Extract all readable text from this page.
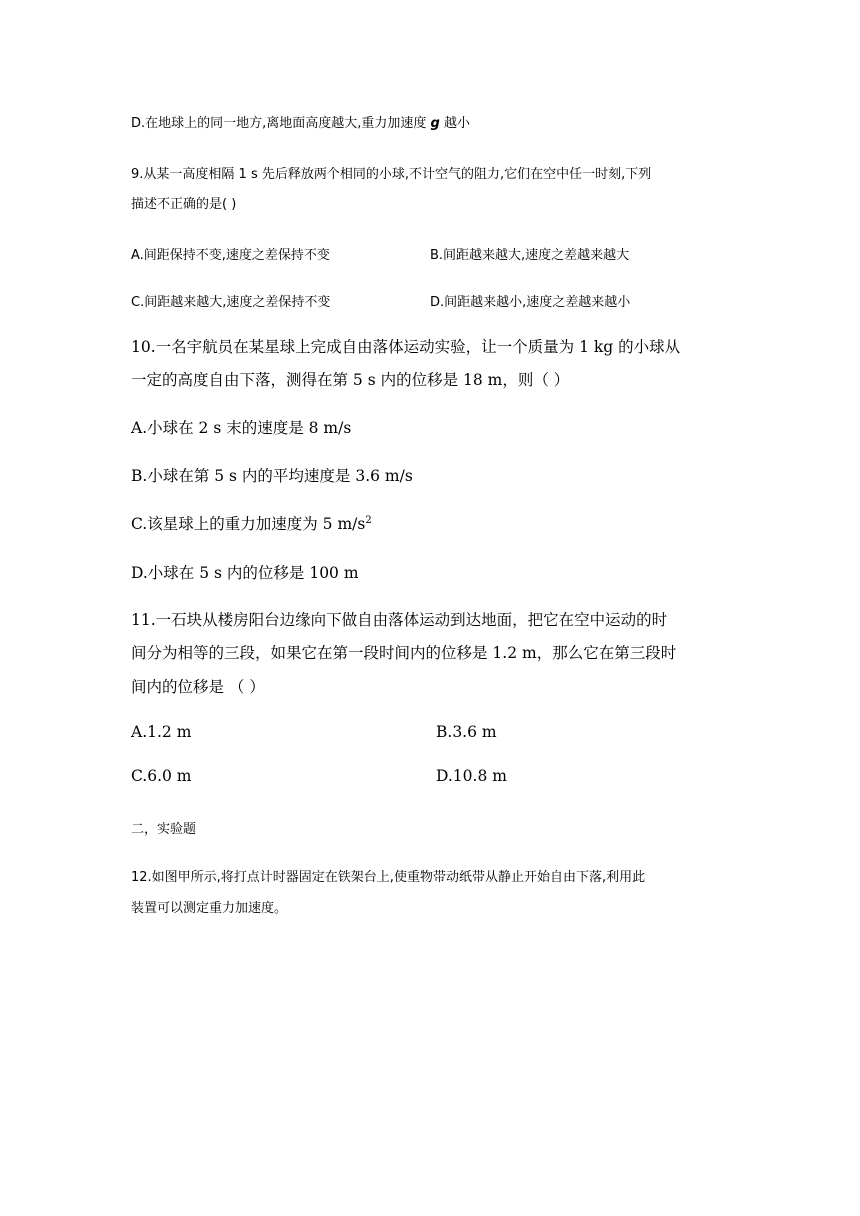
D.在地球上的同一地方,离地面高度越大,重力加速度 g 越小
9.从某一高度相隔 1 s 先后释放两个相同的小球,不计空气的阻力,它们在空中任一时刻,下列
描述不正确的是( )
A.间距保持不变,速度之差保持不变	B.间距越来越大,速度之差越来越大
C.间距越来越大,速度之差保持不变	D.间距越来越小,速度之差越来越小
10.一名宇航员在某星球上完成自由落体运动实验，让一个质量为 1 kg 的小球从
一定的高度自由下落，测得在第 5 s 内的位移是 18 m，则（ ）
A.小球在 2 s 末的速度是 8 m/s
B.小球在第 5 s 内的平均速度是 3.6 m/s
C.该星球上的重力加速度为 5 $m/s^2$
D.小球在 5 s 内的位移是 100 m
11.一石块从楼房阳台边缘向下做自由落体运动到达地面，把它在空中运动的时
间分为相等的三段，如果它在第一段时间内的位移是 1.2 m，那么它在第三段时
间内的位移是 （ ）
A.1.2 m	B.3.6 m
C.6.0 m	D.10.8 m
二，实验题
12.如图甲所示,将打点计时器固定在铁架台上,使重物带动纸带从静止开始自由下落,利用此
装置可以测定重力加速度。
